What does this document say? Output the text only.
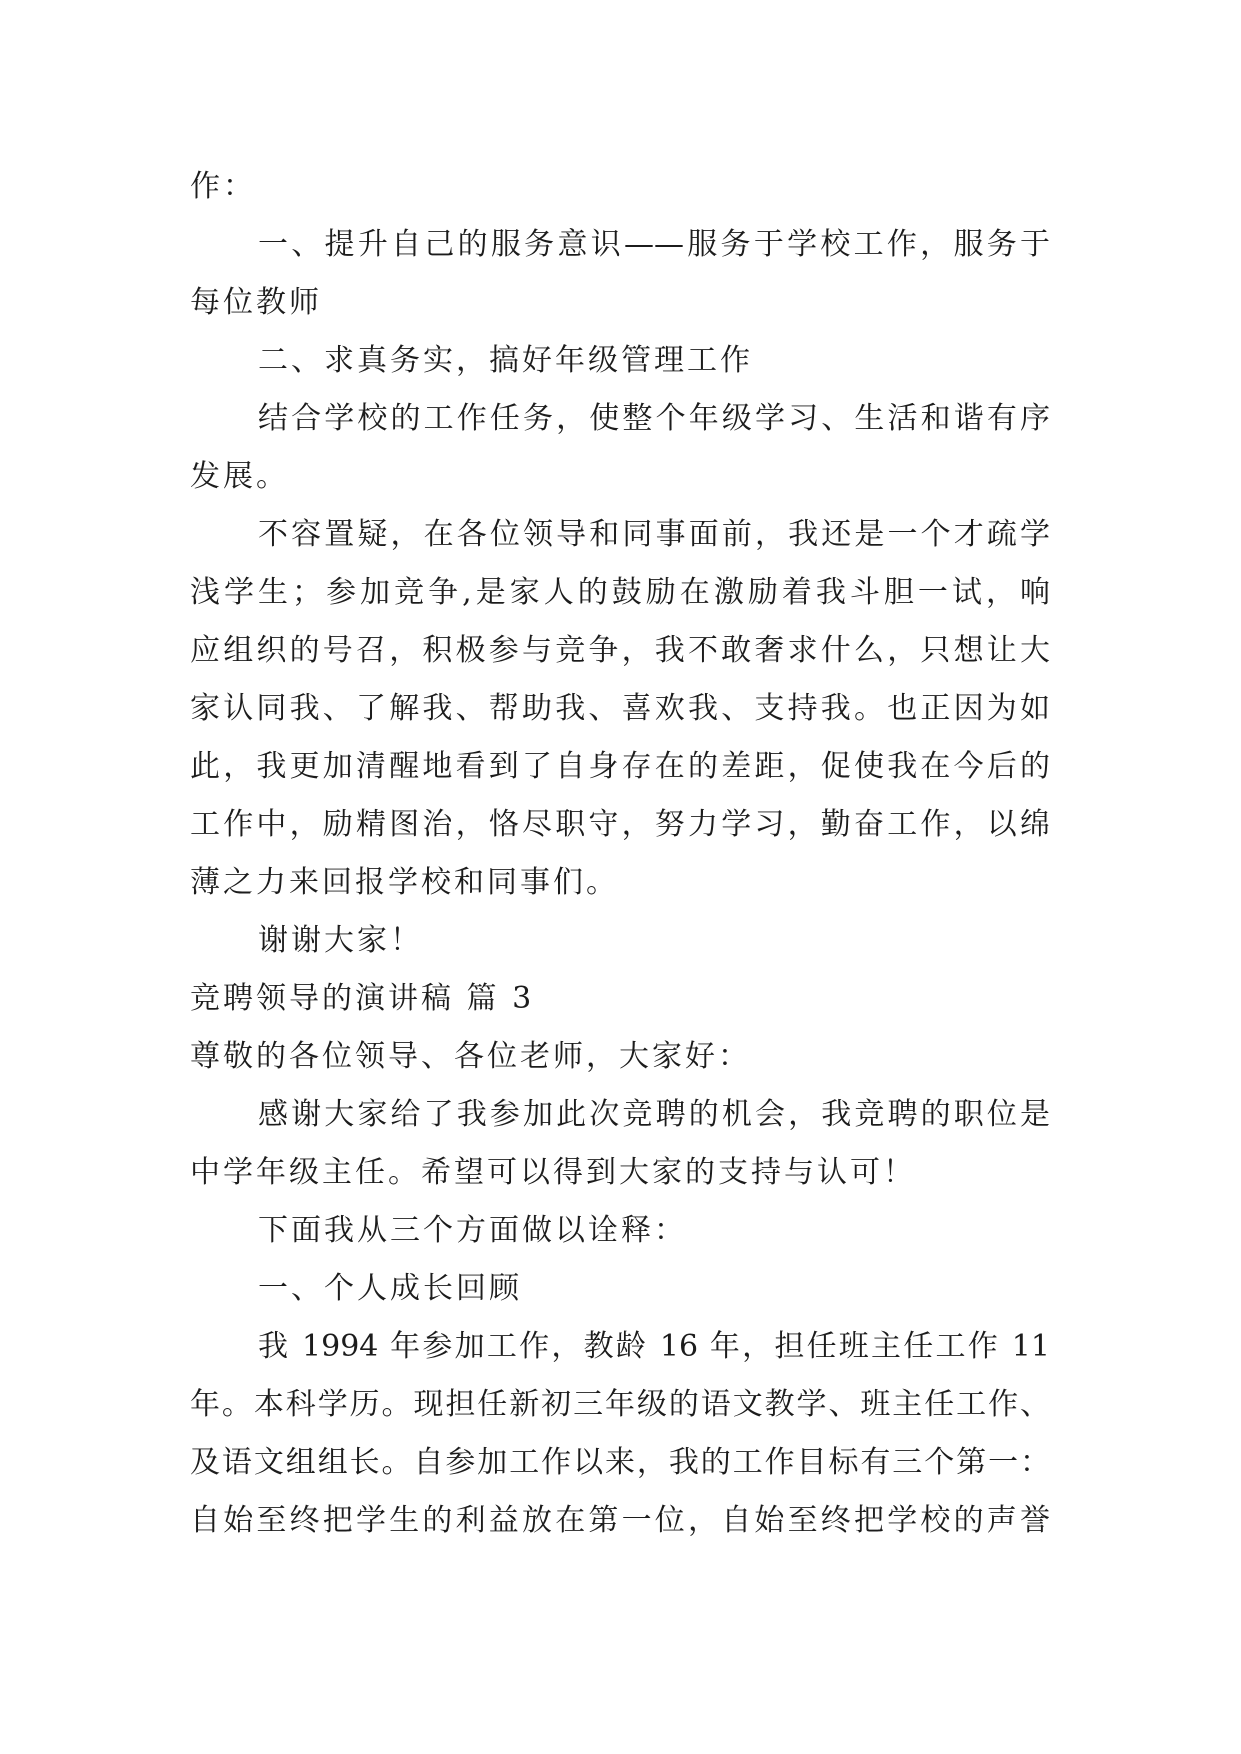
作：
一、提升自己的服务意识——服务于学校工作，服务于
每位教师
二、求真务实，搞好年级管理工作
结合学校的工作任务，使整个年级学习、生活和谐有序
发展。
不容置疑，在各位领导和同事面前，我还是一个才疏学
浅学生；参加竞争,是家人的鼓励在激励着我斗胆一试，响
应组织的号召，积极参与竞争，我不敢奢求什么，只想让大
家认同我、了解我、帮助我、喜欢我、支持我。也正因为如
此，我更加清醒地看到了自身存在的差距，促使我在今后的
工作中，励精图治，恪尽职守，努力学习，勤奋工作，以绵
薄之力来回报学校和同事们。
谢谢大家！
竞聘领导的演讲稿 篇 3
尊敬的各位领导、各位老师，大家好：
感谢大家给了我参加此次竞聘的机会，我竞聘的职位是
中学年级主任。希望可以得到大家的支持与认可！
下面我从三个方面做以诠释：
一、个人成长回顾
我 1994 年参加工作，教龄 16 年，担任班主任工作 11
年。本科学历。现担任新初三年级的语文教学、班主任工作、
及语文组组长。自参加工作以来，我的工作目标有三个第一：
自始至终把学生的利益放在第一位，自始至终把学校的声誉
